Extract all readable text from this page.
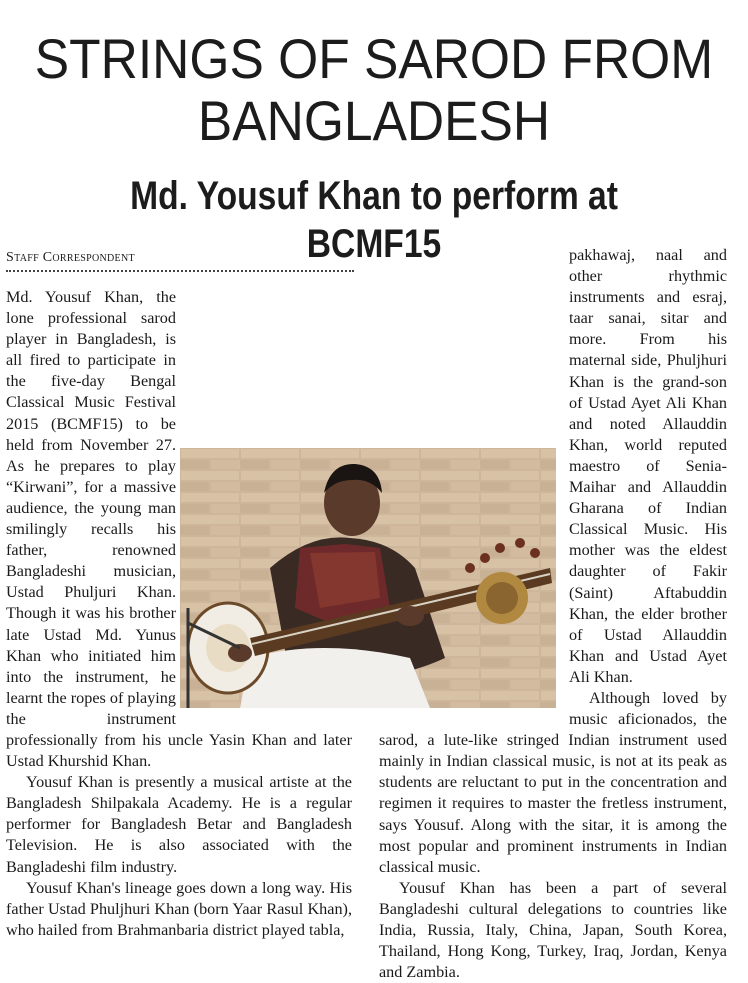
STRINGS OF SAROD FROM
BANGLADESH
Md. Yousuf Khan to perform at BCMF15
Staff Correspondent

Md. Yousuf Khan, the lone professional sarod player in Bangladesh, is all fired to participate in the five-day Bengal Classical Music Festival 2015 (BCMF15) to be held from November 27. As he prepares to play “Kirwani”, for a massive audience, the young man smilingly recalls his father, renowned Bangladeshi musician, Ustad Phuljuri Khan. Though it was his brother late Ustad Md. Yunus Khan who initiated him into the instrument, he learnt the ropes of playing the instrument professionally from his uncle Yasin Khan and later Ustad Khurshid Khan.

Yousuf Khan is presently a musical artiste at the Bangladesh Shilpakala Academy. He is a regular performer for Bangladesh Betar and Bangladesh Television. He is also associated with the Bangladeshi film industry.

Yousuf Khan's lineage goes down a long way. His father Ustad Phuljhuri Khan (born Yaar Rasul Khan), who hailed from Brahmanbaria district played tabla,

pakhawaj, naal and other rhythmic instruments and esraj, taar sanai, sitar and more. From his maternal side, Phuljhuri Khan is the grand-son of Ustad Ayet Ali Khan and noted Allauddin Khan, world reputed maestro of Senia-Maihar and Allauddin Gharana of Indian Classical Music. His mother was the eldest daughter of Fakir (Saint) Aftabuddin Khan, the elder brother of Ustad Allauddin Khan and Ustad Ayet Ali Khan.

Although loved by music aficionados, the sarod, a lute-like stringed Indian instrument used mainly in Indian classical music, is not at its peak as students are reluctant to put in the concentration and regimen it requires to master the fretless instrument, says Yousuf. Along with the sitar, it is among the most popular and prominent instruments in Indian classical music.

Yousuf Khan has been a part of several Bangladeshi cultural delegations to countries like India, Russia, Italy, China, Japan, South Korea, Thailand, Hong Kong, Turkey, Iraq, Jordan, Kenya and Zambia.
